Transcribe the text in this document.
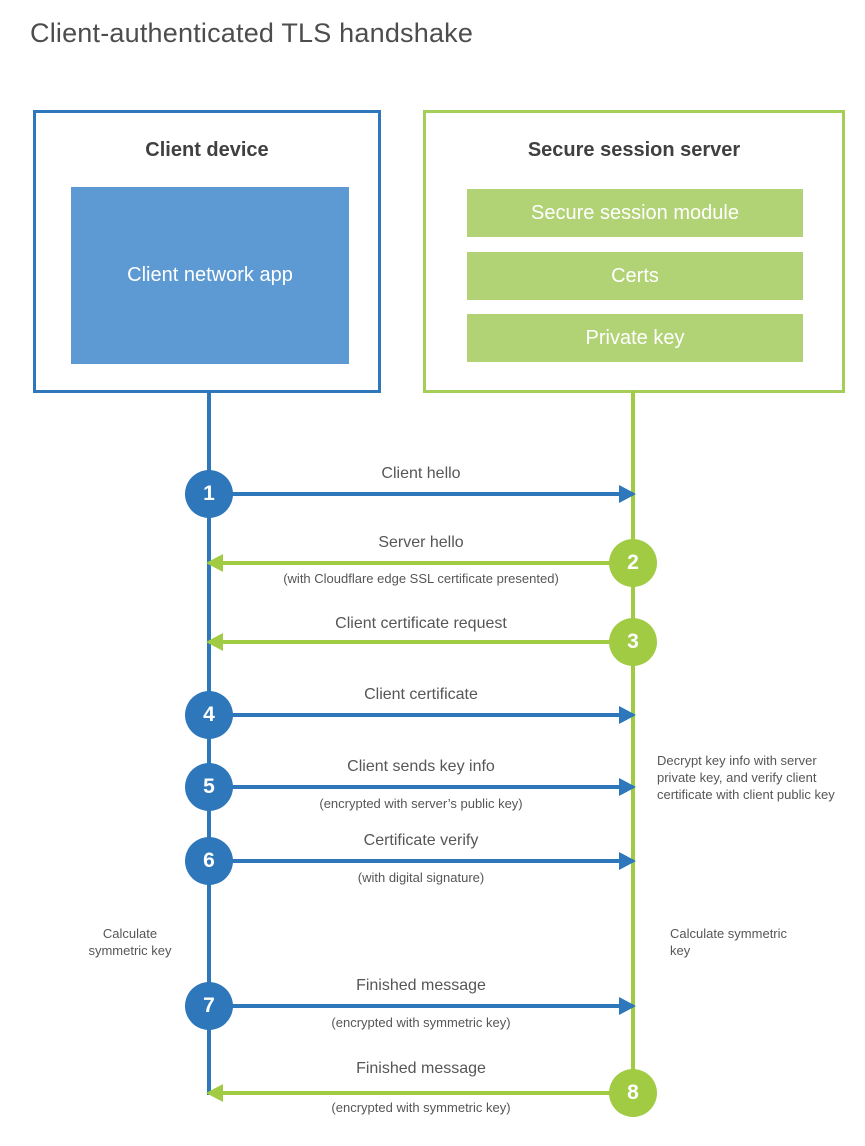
Client-authenticated TLS handshake
Client device
Client network app
Secure session server
Secure session module
Certs
Private key
Client hello
1
Server hello
(with Cloudflare edge SSL certificate presented)
2
Client certificate request
3
Client certificate
4
Client sends key info
(encrypted with server’s public key)
5
Certificate verify
(with digital signature)
6
Decrypt key info with server private key, and verify client certificate with client public key
Calculate symmetric key
Calculate symmetric key
Finished message
(encrypted with symmetric key)
7
Finished message
(encrypted with symmetric key)
8
